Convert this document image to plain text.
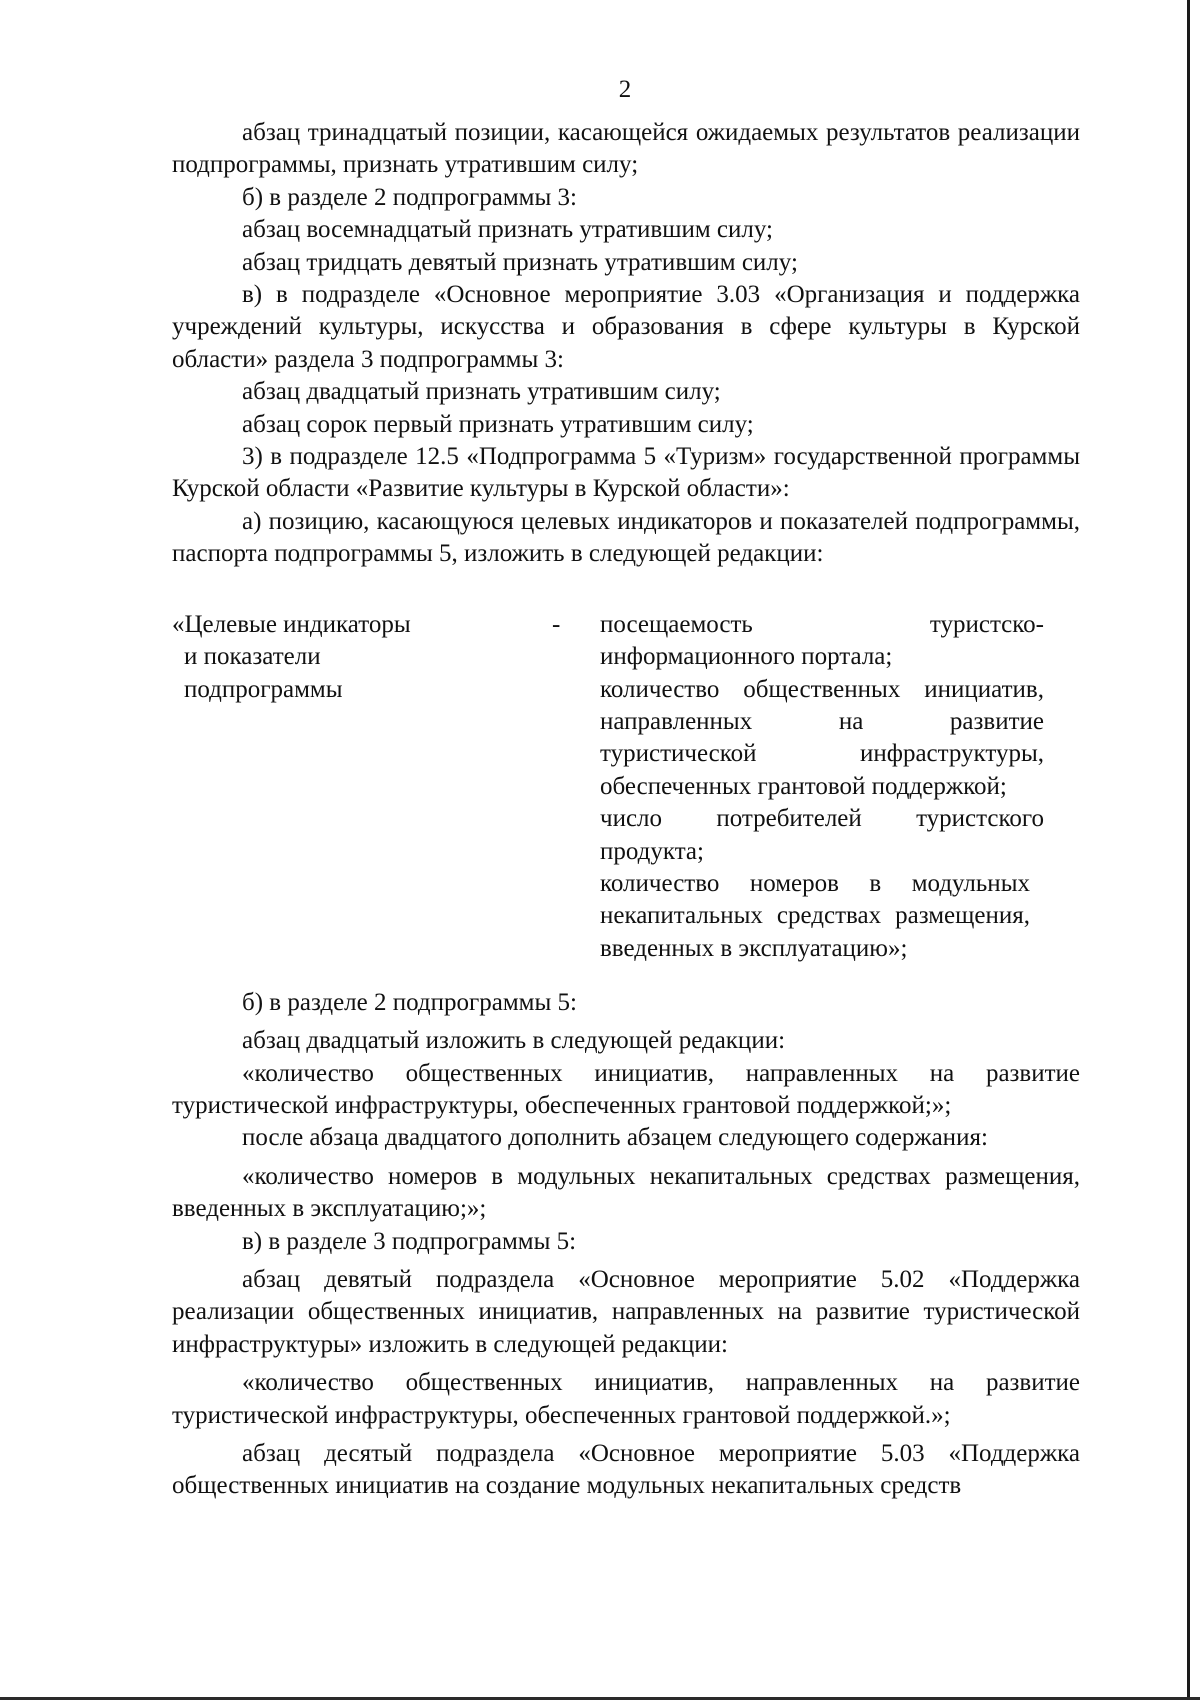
2

абзац тринадцатый позиции, касающейся ожидаемых результатов реализации подпрограммы, признать утратившим силу;

б) в разделе 2 подпрограммы 3:

абзац восемнадцатый признать утратившим силу;

абзац тридцать девятый признать утратившим силу;

в) в подразделе «Основное мероприятие 3.03 «Организация и поддержка учреждений культуры, искусства и образования в сфере культуры в Курской области» раздела 3 подпрограммы 3:

абзац двадцатый признать утратившим силу;

абзац сорок первый признать утратившим силу;

3) в подразделе 12.5 «Подпрограмма 5 «Туризм» государственной программы Курской области «Развитие культуры в Курской области»:

а) позицию, касающуюся целевых индикаторов и показателей подпрограммы, паспорта подпрограммы 5, изложить в следующей редакции:

«Целевые индикаторы
и показатели
подпрограммы
- посещаемость туристско-информационного портала;

количество общественных инициатив, направленных на развитие туристической инфраструктуры, обеспеченных грантовой поддержкой;

число потребителей туристского продукта;

количество номеров в модульных некапитальных средствах размещения, введенных в эксплуатацию»;

б) в разделе 2 подпрограммы 5:

абзац двадцатый изложить в следующей редакции:

«количество общественных инициатив, направленных на развитие туристической инфраструктуры, обеспеченных грантовой поддержкой;»;

после абзаца двадцатого дополнить абзацем следующего содержания:

«количество номеров в модульных некапитальных средствах размещения, введенных в эксплуатацию;»;

в) в разделе 3 подпрограммы 5:

абзац девятый подраздела «Основное мероприятие 5.02 «Поддержка реализации общественных инициатив, направленных на развитие туристической инфраструктуры» изложить в следующей редакции:

«количество общественных инициатив, направленных на развитие туристической инфраструктуры, обеспеченных грантовой поддержкой.»;

абзац десятый подраздела «Основное мероприятие 5.03 «Поддержка общественных инициатив на создание модульных некапитальных средств
